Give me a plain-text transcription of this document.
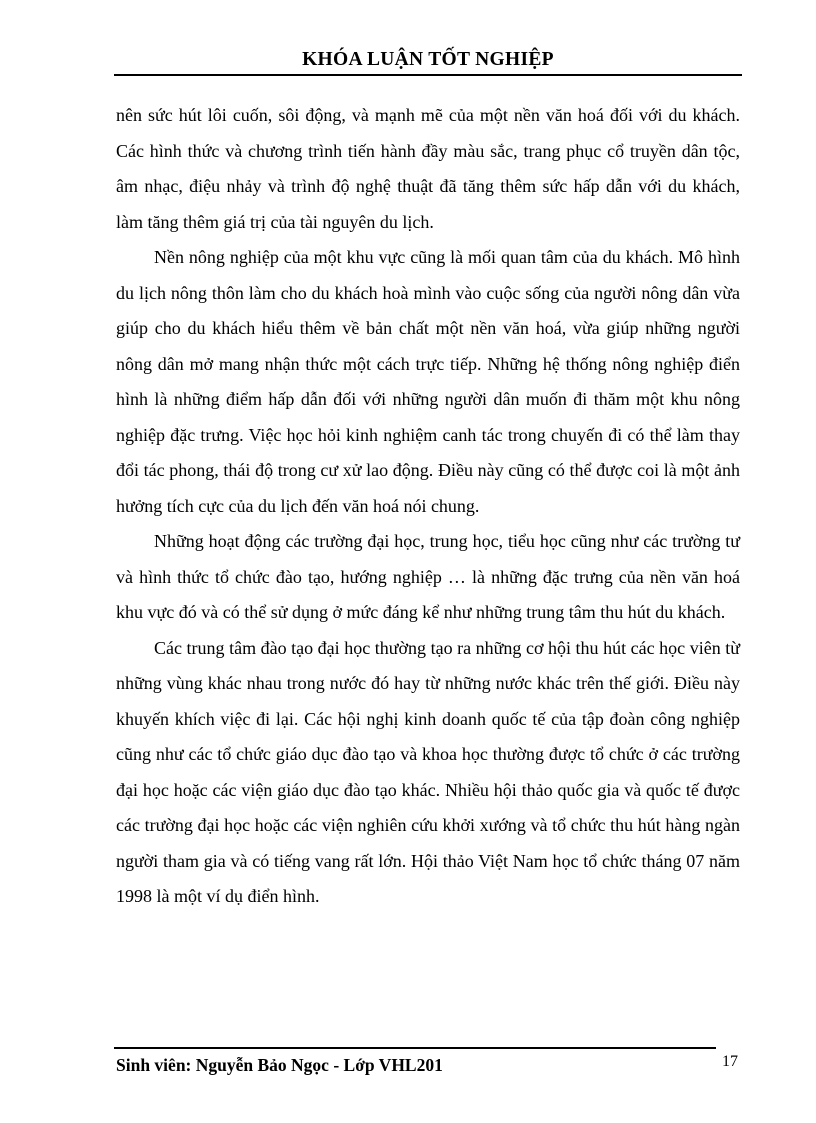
KHÓA LUẬN TỐT NGHIỆP

nên sức hút lôi cuốn, sôi động, và mạnh mẽ của một nền văn hoá đối với du khách. Các hình thức và chương trình tiến hành đầy màu sắc, trang phục cổ truyền dân tộc, âm nhạc, điệu nhảy và trình độ nghệ thuật đã tăng thêm sức hấp dẫn với du khách, làm tăng thêm giá trị của tài nguyên du lịch.

Nền nông nghiệp của một khu vực cũng là mối quan tâm của du khách. Mô hình du lịch nông thôn làm cho du khách hoà mình vào cuộc sống của người nông dân vừa giúp cho du khách hiểu thêm về bản chất một nền văn hoá, vừa giúp những người nông dân mở mang nhận thức một cách trực tiếp. Những hệ thống nông nghiệp điển hình là những điểm hấp dẫn đối với những người dân muốn đi thăm một khu nông nghiệp đặc trưng. Việc học hỏi kinh nghiệm canh tác trong chuyến đi có thể làm thay đổi tác phong, thái độ trong cư xử lao động. Điều này cũng có thể được coi là một ảnh hưởng tích cực của du lịch đến văn hoá nói chung.

Những hoạt động các trường đại học, trung học, tiểu học cũng như các trường tư và hình thức tổ chức đào tạo, hướng nghiệp … là những đặc trưng của nền văn hoá khu vực đó và có thể sử dụng ở mức đáng kể như những trung tâm thu hút du khách.

Các trung tâm đào tạo đại học thường tạo ra những cơ hội thu hút các học viên từ những vùng khác nhau trong nước đó hay từ những nước khác trên thế giới. Điều này khuyến khích việc đi lại. Các hội nghị kinh doanh quốc tế của tập đoàn công nghiệp cũng như các tổ chức giáo dục đào tạo và khoa học thường được tổ chức ở các trường đại học hoặc các viện giáo dục đào tạo khác. Nhiều hội thảo quốc gia và quốc tế được các trường đại học hoặc các viện nghiên cứu khởi xướng và tổ chức thu hút hàng ngàn người tham gia và có tiếng vang rất lớn. Hội thảo Việt Nam học tổ chức tháng 07 năm 1998 là một ví dụ điển hình.

Sinh viên: Nguyễn Bảo Ngọc - Lớp VHL201	17
